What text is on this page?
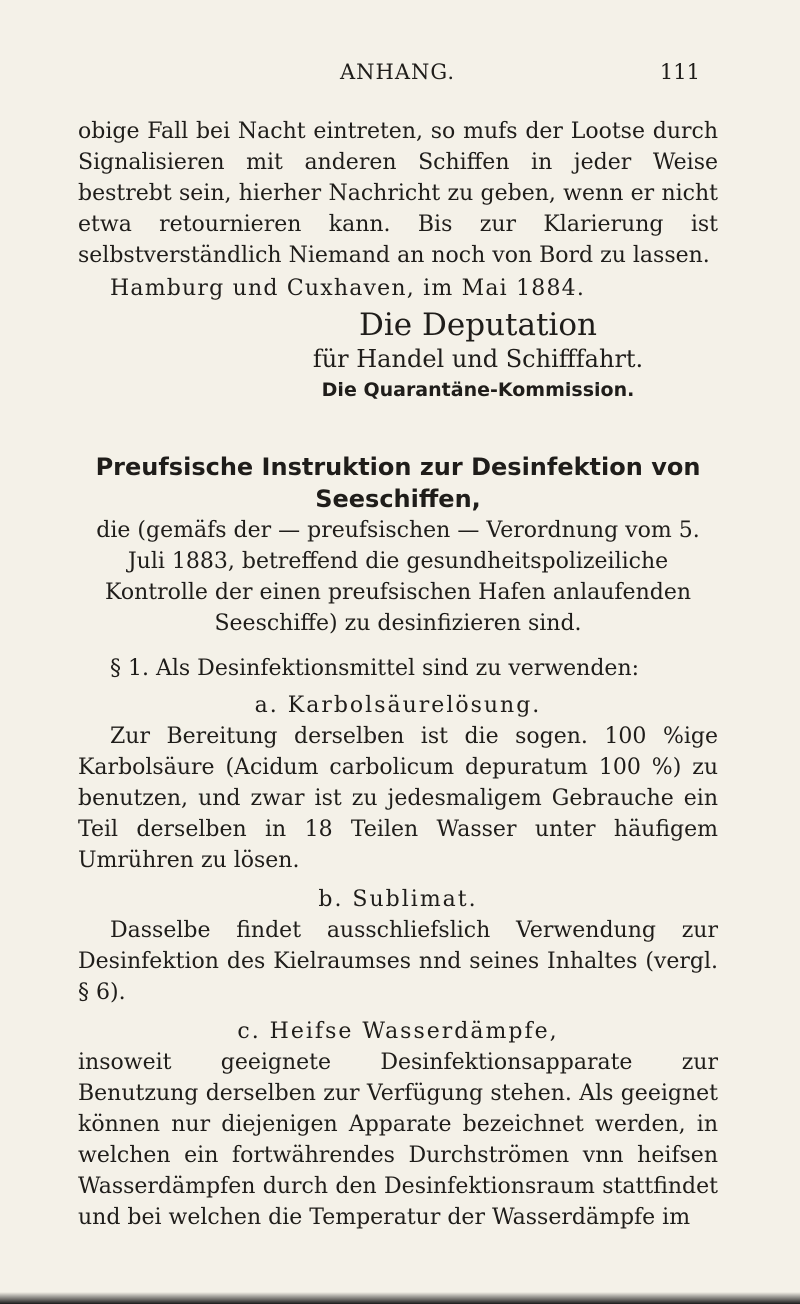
ANHANG.	111

obige Fall bei Nacht eintreten, so mufs der Lootse durch Signalisieren mit anderen Schiffen in jeder Weise bestrebt sein, hierher Nachricht zu geben, wenn er nicht etwa retournieren kann. Bis zur Klarierung ist selbstverständlich Niemand an noch von Bord zu lassen.

Hamburg und Cuxhaven, im Mai 1884.

Die Deputation
für Handel und Schifffahrt.
Die Quarantäne-Kommission.
Preufsische Instruktion zur Desinfektion von Seeschiffen,

die (gemäfs der — preufsischen — Verordnung vom 5. Juli 1883, betreffend die gesundheitspolizeiliche Kontrolle der einen preufsischen Hafen anlaufenden Seeschiffe) zu desinfizieren sind.

§ 1. Als Desinfektionsmittel sind zu verwenden:

a. Karbolsäurelösung.

Zur Bereitung derselben ist die sogen. 100 %ige Karbolsäure (Acidum carbolicum depuratum 100 %) zu benutzen, und zwar ist zu jedesmaligem Gebrauche ein Teil derselben in 18 Teilen Wasser unter häufigem Umrühren zu lösen.

b. Sublimat.

Dasselbe findet ausschliefslich Verwendung zur Desinfektion des Kielraumses nnd seines Inhaltes (vergl. § 6).

c. Heifse Wasserdämpfe,

insoweit geeignete Desinfektionsapparate zur Benutzung derselben zur Verfügung stehen. Als geeignet können nur diejenigen Apparate bezeichnet werden, in welchen ein fortwährendes Durchströmen vnn heifsen Wasserdämpfen durch den Desinfektionsraum stattfindet und bei welchen die Temperatur der Wasserdämpfe im
